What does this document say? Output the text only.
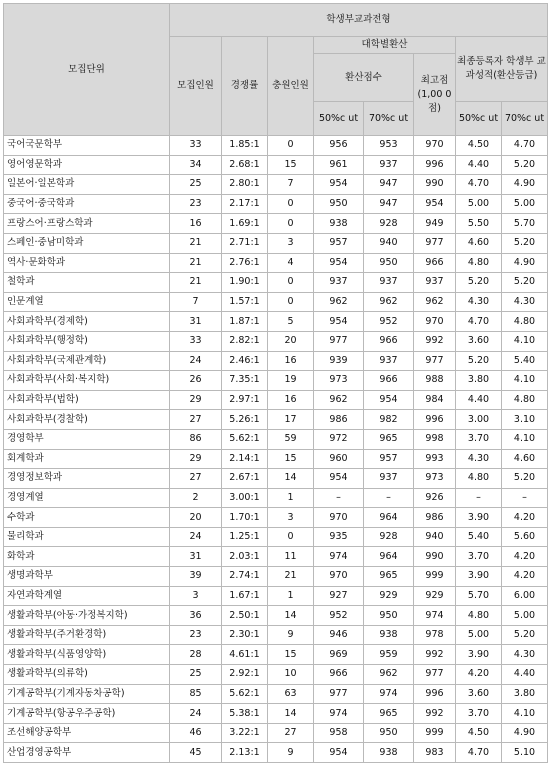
모집단위	학생부교과전형							
	모집인원	경쟁률	충원인원	대학별환산			최종등록자 학생부 교과성적(환산등급)	
				환산점수		최고점 (1,00 0점)		
				50%c ut	70%c ut		50%c ut	70%c ut
국어국문학부	33	1.85:1	0	956	953	970	4.50	4.70
영어영문학과	34	2.68:1	15	961	937	996	4.40	5.20
일본어·일본학과	25	2.80:1	7	954	947	990	4.70	4.90
중국어·중국학과	23	2.17:1	0	950	947	954	5.00	5.00
프랑스어·프랑스학과	16	1.69:1	0	938	928	949	5.50	5.70
스페인·중남미학과	21	2.71:1	3	957	940	977	4.60	5.20
역사·문화학과	21	2.76:1	4	954	950	966	4.80	4.90
철학과	21	1.90:1	0	937	937	937	5.20	5.20
인문계열	7	1.57:1	0	962	962	962	4.30	4.30
사회과학부(경제학)	31	1.87:1	5	954	952	970	4.70	4.80
사회과학부(행정학)	33	2.82:1	20	977	966	992	3.60	4.10
사회과학부(국제관계학)	24	2.46:1	16	939	937	977	5.20	5.40
사회과학부(사회·복지학)	26	7.35:1	19	973	966	988	3.80	4.10
사회과학부(법학)	29	2.97:1	16	962	954	984	4.40	4.80
사회과학부(경찰학)	27	5.26:1	17	986	982	996	3.00	3.10
경영학부	86	5.62:1	59	972	965	998	3.70	4.10
회계학과	29	2.14:1	15	960	957	993	4.30	4.60
경영정보학과	27	2.67:1	14	954	937	973	4.80	5.20
경영계열	2	3.00:1	1	–	–	926	–	–
수학과	20	1.70:1	3	970	964	986	3.90	4.20
물리학과	24	1.25:1	0	935	928	940	5.40	5.60
화학과	31	2.03:1	11	974	964	990	3.70	4.20
생명과학부	39	2.74:1	21	970	965	999	3.90	4.20
자연과학계열	3	1.67:1	1	927	929	929	5.70	6.00
생활과학부(아동·가정복지학)	36	2.50:1	14	952	950	974	4.80	5.00
생활과학부(주거환경학)	23	2.30:1	9	946	938	978	5.00	5.20
생활과학부(식품영양학)	28	4.61:1	15	969	959	992	3.90	4.30
생활과학부(의류학)	25	2.92:1	10	966	962	977	4.20	4.40
기계공학부(기계자동차공학)	85	5.62:1	63	977	974	996	3.60	3.80
기계공학부(항공우주공학)	24	5.38:1	14	974	965	992	3.70	4.10
조선해양공학부	46	3.22:1	27	958	950	999	4.50	4.90
산업경영공학부	45	2.13:1	9	954	938	983	4.70	5.10
